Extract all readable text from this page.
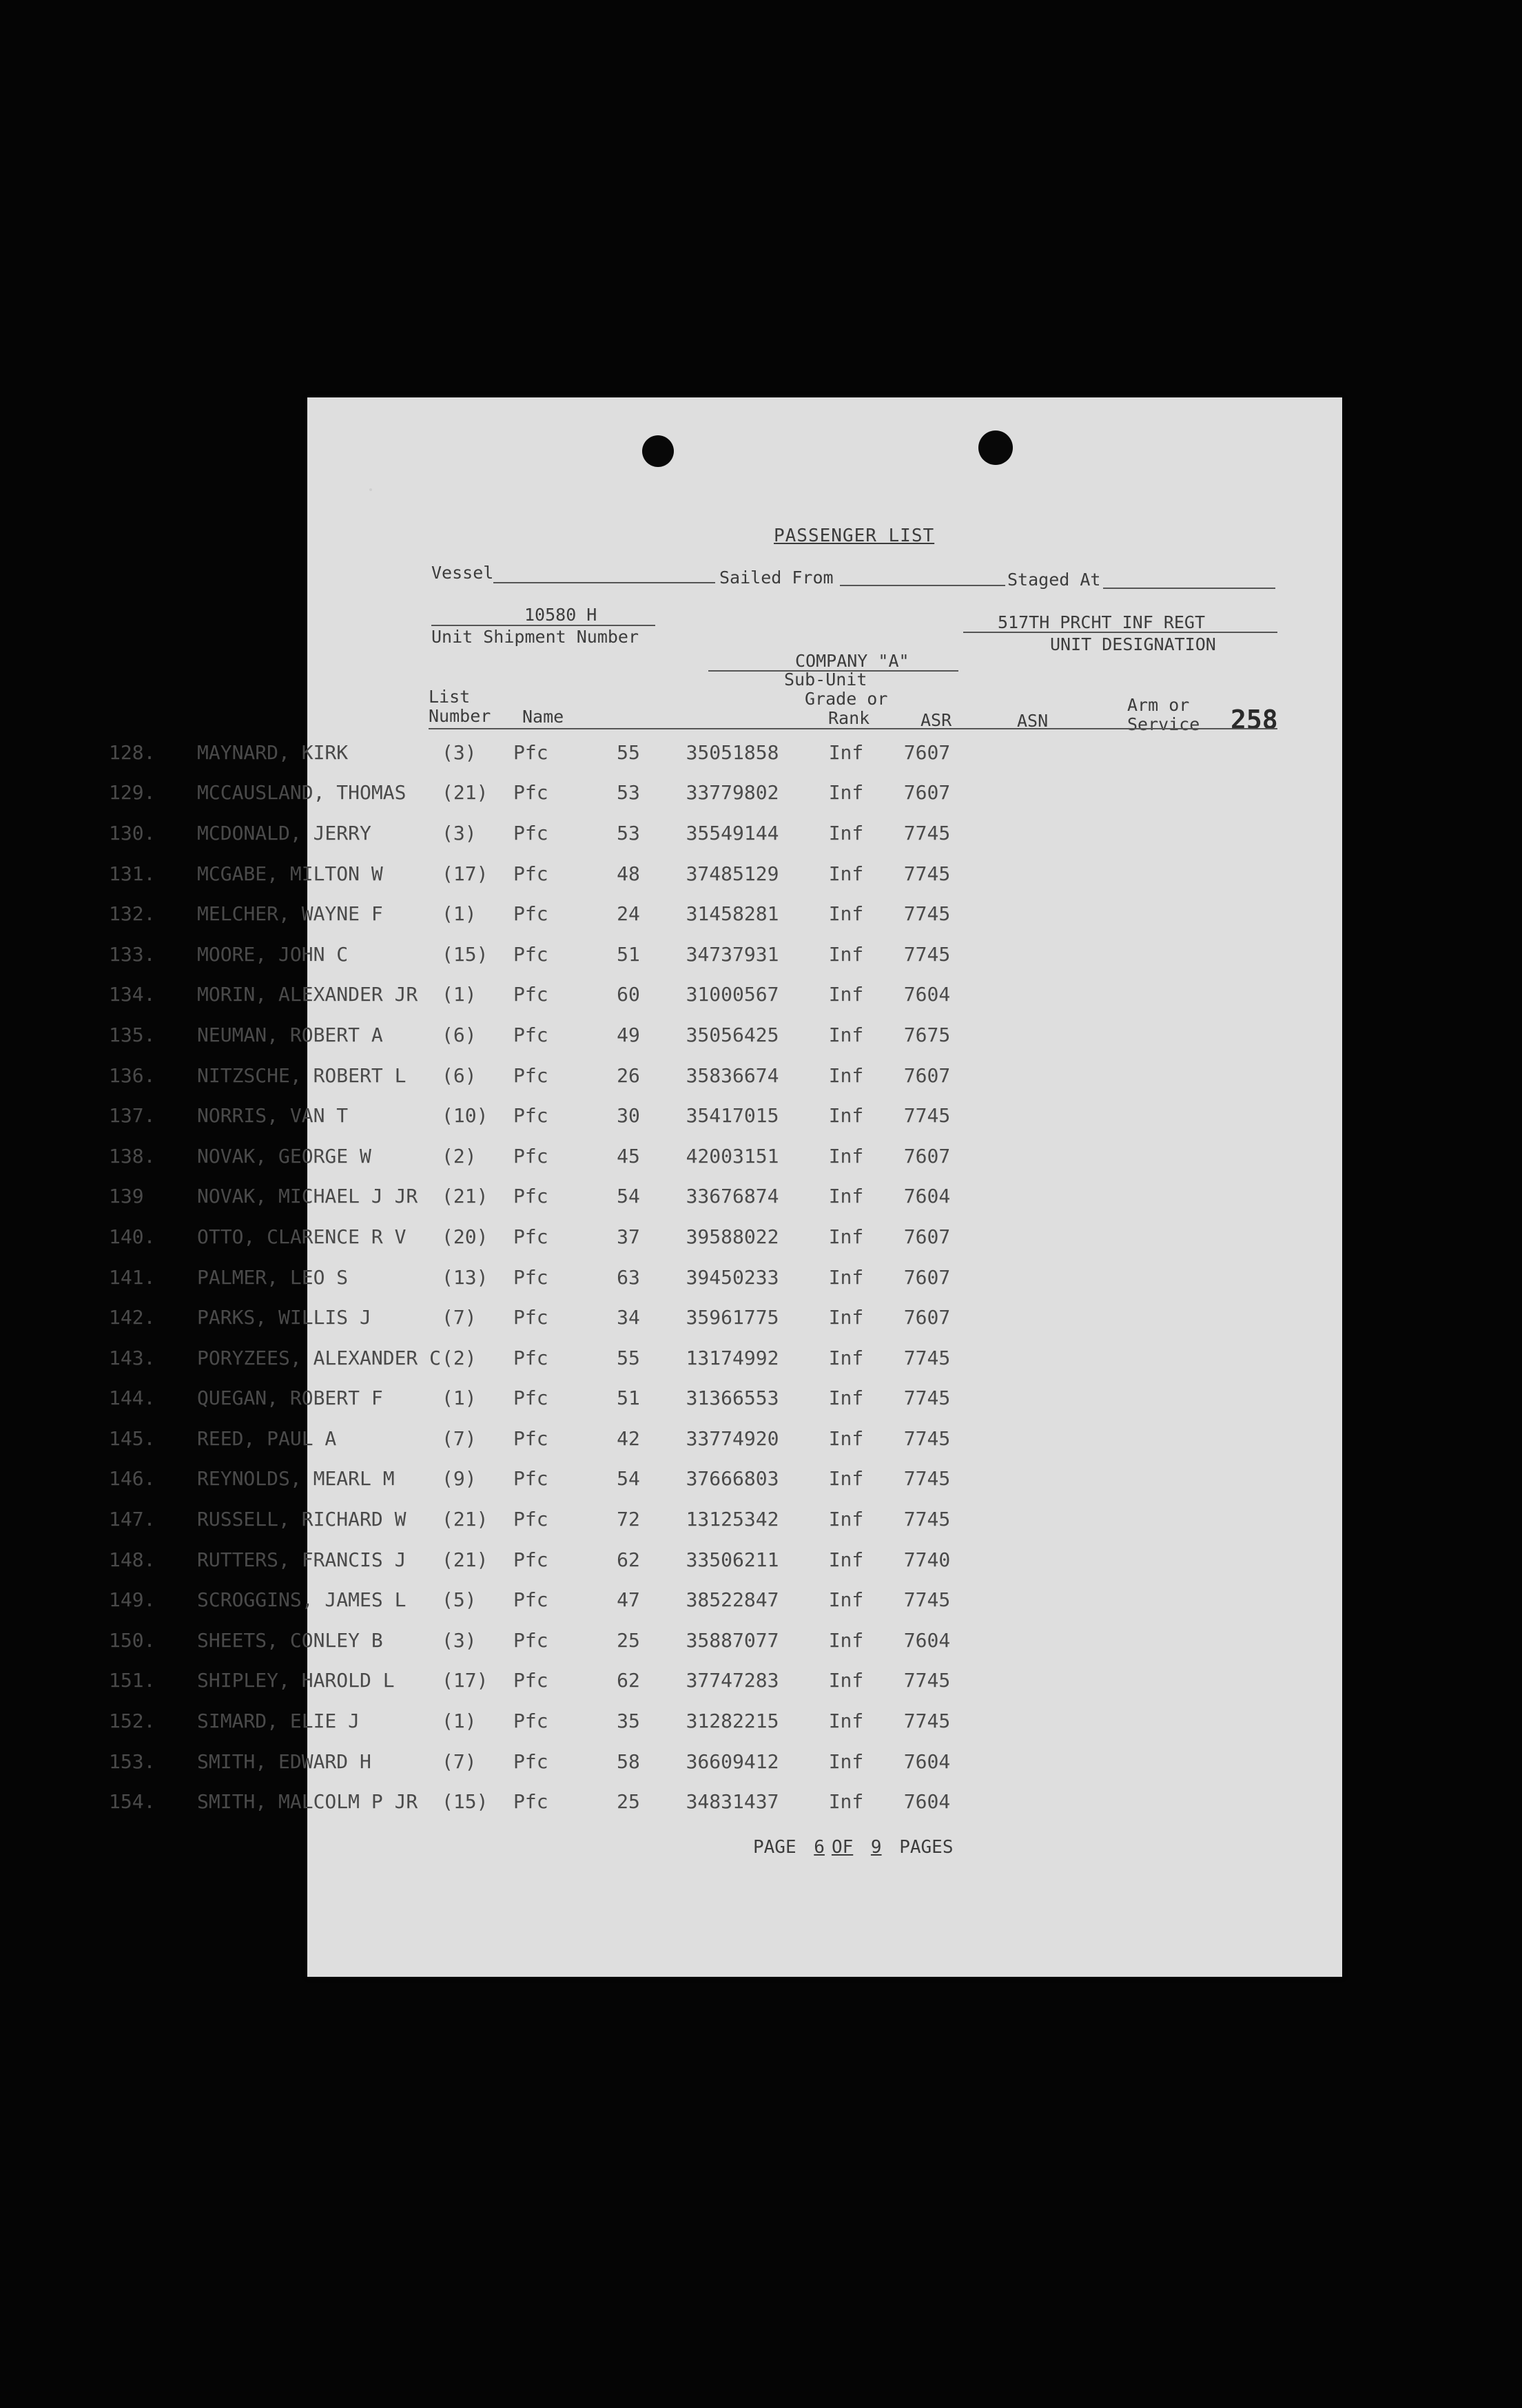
PASSENGER LIST
Vessel	Sailed From	Staged At
10580 H
Unit Shipment Number
517TH PRCHT INF REGT
UNIT DESIGNATION
COMPANY "A"
List
Number Name
Sub-Unit
Grade or
Rank	ASR	ASN
Arm or
Service 258
PAGE 6 OF 9 PAGES
128.	MAYNARD, KIRK	(3)	Pfc	55	35051858	Inf	7607
129.	MCCAUSLAND, THOMAS	(21)	Pfc	53	33779802	Inf	7607
130.	MCDONALD, JERRY	(3)	Pfc	53	35549144	Inf	7745
131.	MCGABE, MILTON W	(17)	Pfc	48	37485129	Inf	7745
132.	MELCHER, WAYNE F	(1)	Pfc	24	31458281	Inf	7745
133.	MOORE, JOHN C	(15)	Pfc	51	34737931	Inf	7745
134.	MORIN, ALEXANDER JR	(1)	Pfc	60	31000567	Inf	7604
135.	NEUMAN, ROBERT A	(6)	Pfc	49	35056425	Inf	7675
136.	NITZSCHE, ROBERT L	(6)	Pfc	26	35836674	Inf	7607
137.	NORRIS, VAN T	(10)	Pfc	30	35417015	Inf	7745
138.	NOVAK, GEORGE W	(2)	Pfc	45	42003151	Inf	7607
139	NOVAK, MICHAEL J JR	(21)	Pfc	54	33676874	Inf	7604
140.	OTTO, CLARENCE R V	(20)	Pfc	37	39588022	Inf	7607
141.	PALMER, LEO S	(13)	Pfc	63	39450233	Inf	7607
142.	PARKS, WILLIS J	(7)	Pfc	34	35961775	Inf	7607
143.	PORYZEES, ALEXANDER C	(2)	Pfc	55	13174992	Inf	7745
144.	QUEGAN, ROBERT F	(1)	Pfc	51	31366553	Inf	7745
145.	REED, PAUL A	(7)	Pfc	42	33774920	Inf	7745
146.	REYNOLDS, MEARL M	(9)	Pfc	54	37666803	Inf	7745
147.	RUSSELL, RICHARD W	(21)	Pfc	72	13125342	Inf	7745
148.	RUTTERS, FRANCIS J	(21)	Pfc	62	33506211	Inf	7740
149.	SCROGGINS, JAMES L	(5)	Pfc	47	38522847	Inf	7745
150.	SHEETS, CONLEY B	(3)	Pfc	25	35887077	Inf	7604
151.	SHIPLEY, HAROLD L	(17)	Pfc	62	37747283	Inf	7745
152.	SIMARD, ELIE J	(1)	Pfc	35	31282215	Inf	7745
153.	SMITH, EDWARD H	(7)	Pfc	58	36609412	Inf	7604
154.	SMITH, MALCOLM P JR	(15)	Pfc	25	34831437	Inf	7604
